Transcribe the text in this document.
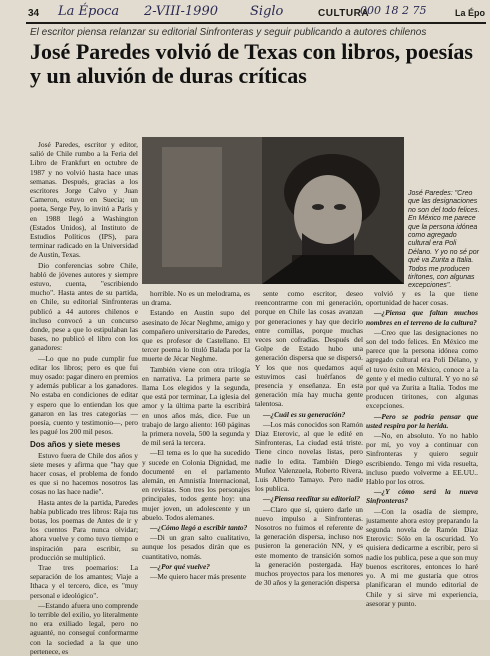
34 La Época 2-VIII-1990 Siglo	CULTURA
000 18 2 75	La Épo
El escritor piensa relanzar su editorial Sinfronteras y seguir publicando a autores chilenos
José Paredes volvió de Texas con libros, poesías y un aluvión de duras críticas

José Paredes, escritor y editor, salió de Chile rumbo a la Feria del Libro de Frankfurt en octubre de 1987 y no volvió hasta hace unas semanas. Después, gracias a los escritores Jorge Calvo y Juan Cameron, estuvo en Suecia; un poeta, Serge Pey, lo invitó a París y en 1988 llegó a Washington (Estados Unidos), al Instituto de Estudios Políticos (IPS), para terminar radicado en la Universidad de Austin, Texas.

Dio conferencias sobre Chile, habló de jóvenes autores y siempre estuvo, cuenta, "escribiendo mucho". Hasta antes de su partida, en Chile, su editorial Sinfronteras publicó a 44 autores chilenos e incluso convocó a un concurso donde, pese a que lo estipulaban las bases, no publicó el libro con los ganadores:

—Lo que no pude cumplir fue editar los libros; pero es que fui muy osado: pagar dinero en premios y además publicar a los ganadores. No estaba en condiciones de editar y espero que lo entiendan los que ganaron en las tres categorías —poesía, cuento y testimonio—, pero les pagué los 200 mil pesos.

Dos años y siete meses

Estuvo fuera de Chile dos años y siete meses y afirma que "hay que hacer cosas, el problema de fondo es que si no hacemos nosotros las cosas no las hace nadie".

Hasta antes de la partida, Paredes había publicado tres libros: Raja tus botas, los poemas de Antes de ir y los cuentos Para nunca olvidar; ahora vuelve y como tuvo tiempo e inspiración para escribir, su producción se multiplicó.

Trae tres poemarios: La separación de los amantes; Viaje a Ithaca y el tercero, dice, es "muy personal e ideológico".

—Estando afuera uno comprende lo terrible del exilio, yo literalmente no era exiliado legal, pero no aguanté, no conseguí conformarme con la sociedad a la que uno pertenece, es

José Paredes: "Creo que las designaciones no son del todo felices. En México me parece que la persona idónea como agregado cultural era Poli Délano. Y yo no sé por qué va Zurita a Italia. Todos me producen tirítones, con algunas excepciones".

horrible. No es un melodrama, es un drama.

Estando en Austin supo del asesinato de Jécar Neghme, amigo y compañero universitario de Paredes, que es profesor de Castellano. El tercer poema lo tituló Balada por la muerte de Jécar Neghme.

También viene con otra trilogía en narrativa. La primera parte se llama Los elegidos y la segunda, que está por terminar, La iglesia del amor y la última parte la escribirá en unos años más, dice. Fue un trabajo de largo aliento: 160 páginas la primera novela, 500 la segunda y de mil será la tercera.

—El tema es lo que ha sucedido y sucede en Colonia Dignidad, me documenté en el parlamento alemán, en Amnistía Internacional, en revistas. Son tres los personajes principales, todos gente hoy: una mujer joven, un adolescente y un abuelo. Todos alemanes.

—¿Cómo llegó a escribir tanto?

—Di un gran salto cualitativo, aunque los pesados dirán que es cuantitativo, nomás.

—¿Por qué vuelve?

—Me quiero hacer más presente

sente como escritor, deseo reencontrarme con mi generación, porque en Chile las cosas avanzan por generaciones y hay que decirlo entre comillas, porque muchas veces son cofradías. Después del Golpe de Estado hubo una generación dispersa que se dispersó. Y los que nos quedamos aquí estuvimos casi huérfanos de presencia y enseñanza. En esta generación mía hay mucha gente talentosa.

—¿Cuál es su generación?

—Los más conocidos son Ramón Díaz Eterovic, al que le edité en Sinfronteras, La ciudad está triste. Tiene cinco novelas listas, pero nadie lo edita. También Diego Muñoz Valenzuela, Roberto Rivera, Luis Alberto Tamayo. Pero nadie los publica.

—¿Piensa reeditar su editorial?

—Claro que sí, quiero darle un nuevo impulso a Sinfronteras. Nosotros no fuimos el referente de la generación dispersa, incluso nos pusieron la generación NN, y es este momento de transición somos la generación postergada. Hay muchos proyectos para los menores de 30 años y la generación dispersa

volvió y es la que tiene oportunidad de hacer cosas.

—¿Piensa que faltan muchos nombres en el terreno de la cultura?

—Creo que las designaciones no son del todo felices. En México me parece que la persona idónea como agregado cultural era Poli Délano, y el tuvo éxito en México, conoce a la gente y el medio cultural. Y yo no sé por qué va Zurita a Italia. Todos me producen tiritones, con algunas excepciones.

—Pero se podría pensar que usted respira por la herida.

—No, en absoluto. Yo no hablo por mí, yo voy a continuar con Sinfronteras y quiero seguir escribiendo. Tengo mi vida resuelta, incluso puedo volverme a EE.UU.. Hablo por los otros.

—¿Y cómo será la nueva Sinfronteras?

—Con la osadía de siempre, justamente ahora estoy preparando la segunda novela de Ramón Díaz Eterovic: Sólo en la oscuridad. Yo quisiera dedicarme a escribir, pero si nadie los publica, pese a que son muy buenos escritores, entonces lo haré yo. A mi me gustaría que otros planificaran el mundo editorial de Chile y si sirve mi experiencia, asesorar y punto.
